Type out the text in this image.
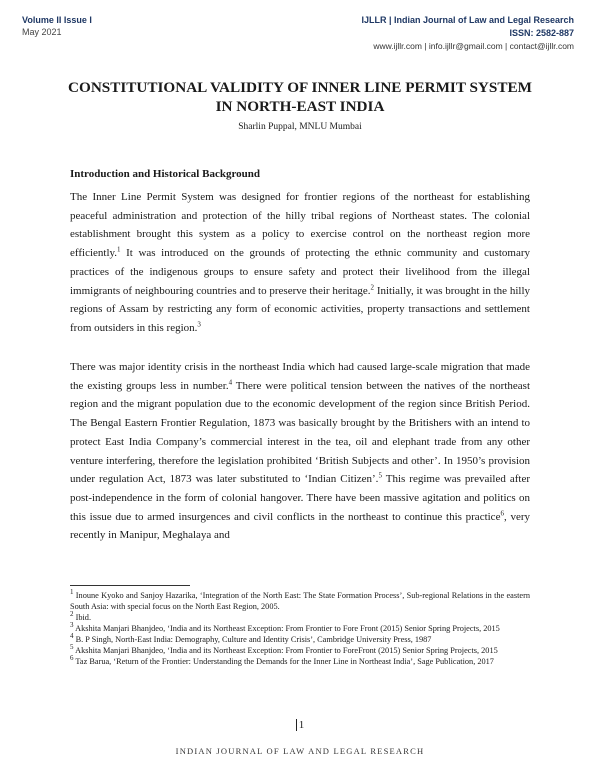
Volume II Issue I
May 2021
IJLLR | Indian Journal of Law and Legal Research
ISSN: 2582-887
www.ijllr.com | info.ijllr@gmail.com | contact@ijllr.com
CONSTITUTIONAL VALIDITY OF INNER LINE PERMIT SYSTEM IN NORTH-EAST INDIA
Sharlin Puppal, MNLU Mumbai
Introduction and Historical Background

The Inner Line Permit System was designed for frontier regions of the northeast for establishing peaceful administration and protection of the hilly tribal regions of Northeast states. The colonial establishment brought this system as a policy to exercise control on the northeast region more efficiently.$^1$ It was introduced on the grounds of protecting the ethnic community and customary practices of the indigenous groups to ensure safety and protect their livelihood from the illegal immigrants of neighbouring countries and to preserve their heritage.$^2$ Initially, it was brought in the hilly regions of Assam by restricting any form of economic activities, property transactions and settlement from outsiders in this region.$^3$

There was major identity crisis in the northeast India which had caused large-scale migration that made the existing groups less in number.$^4$ There were political tension between the natives of the northeast region and the migrant population due to the economic development of the region since British Period. The Bengal Eastern Frontier Regulation, 1873 was basically brought by the Britishers with an intend to protect East India Company’s commercial interest in the tea, oil and elephant trade from any other venture interfering, therefore the legislation prohibited ‘British Subjects and other’. In 1950’s provision under regulation Act, 1873 was later substituted to ‘Indian Citizen’.$^5$ This regime was prevailed after post-independence in the form of colonial hangover. There have been massive agitation and politics on this issue due to armed insurgences and civil conflicts in the northeast to continue this practice$^6$, very recently in Manipur, Meghalaya and

$^1$ Inoune Kyoko and Sanjoy Hazarika, ‘Integration of the North East: The State Formation Process’, Sub-regional Relations in the eastern South Asia: with special focus on the North East Region, 2005.
$^2$ Ibid.
$^3$ Akshita Manjari Bhanjdeo, ‘India and its Northeast Exception: From Frontier to Fore Front (2015) Senior Spring Projects, 2015
$^4$ B. P Singh, North-East India: Demography, Culture and Identity Crisis’, Cambridge University Press, 1987
$^5$ Akshita Manjari Bhanjdeo, ‘India and its Northeast Exception: From Frontier to ForeFront (2015) Senior Spring Projects, 2015
$^6$ Taz Barua, ‘Return of the Frontier: Understanding the Demands for the Inner Line in Northeast India’, Sage Publication, 2017
1
INDIAN JOURNAL OF LAW AND LEGAL RESEARCH
